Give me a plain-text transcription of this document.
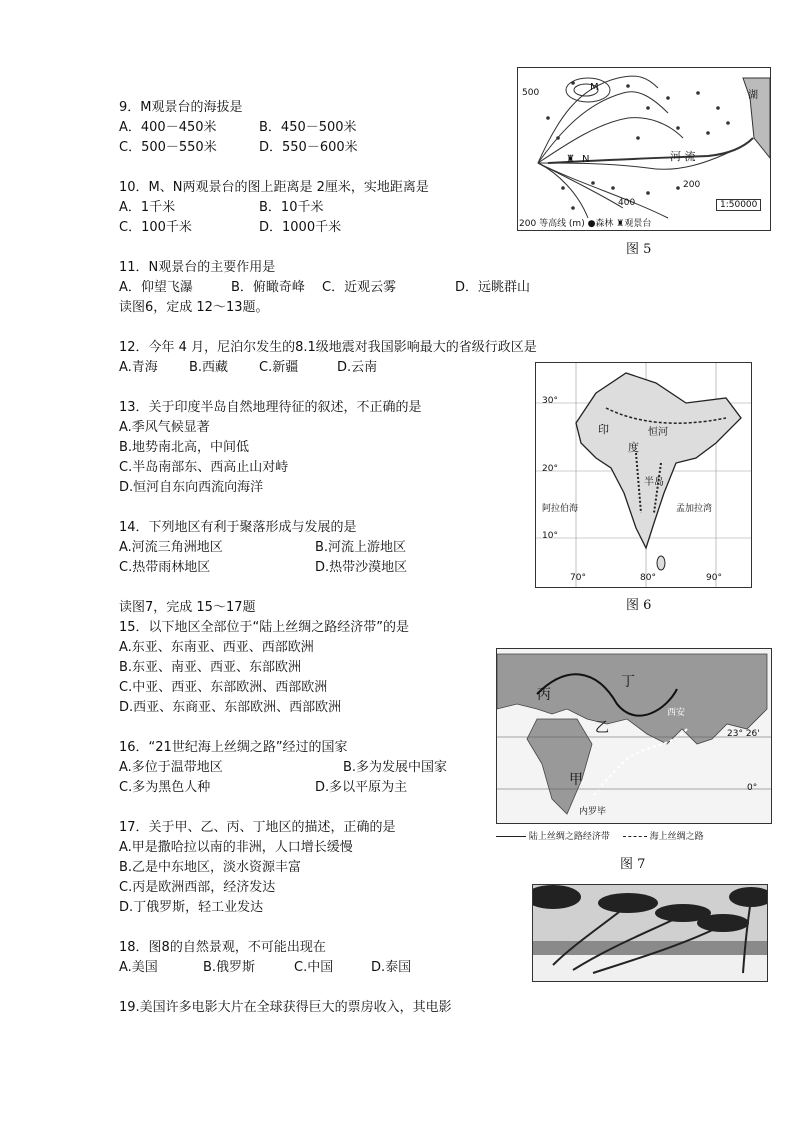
9．M观景台的海拔是
A．400－450米	B．450－500米
C．500－550米	D．550－600米
10．M、N两观景台的图上距离是 2厘米，实地距离是
A．1千米	B．10千米
C．100千米	D．1000千米
11．N观景台的主要作用是
A．仰望飞瀑	B．俯瞰奇峰 C．近观云雾	D．远眺群山
读图6，定成 12～13题。
12．今年 4 月，尼泊尔发生的8.1级地震对我国影响最大的省级行政区是
A.青海 B.西藏 C.新疆	D.云南
13．关于印度半岛自然地理待征的叙述，不正确的是
A.季风气候显著
B.地势南北高，中间低
C.半岛南部东、西高止山对峙
D.恒河自东向西流向海洋
14．下列地区有利于聚落形成与发展的是
A.河流三角洲地区	B.河流上游地区
C.热带雨林地区	D.热带沙漠地区
读图7，完成 15～17题
15．以下地区全部位于“陆上丝绸之路经济带”的是
A.东亚、东南亚、西亚、西部欧洲
B.东亚、南亚、西亚、东部欧洲
C.中亚、西亚、东部欧洲、西部欧洲
D.西亚、东商亚、东部欧洲、西部欧洲
16．“21世纪海上丝绸之路”经过的国家
A.多位于温带地区	B.多为发展中国家
C.多为黑色人种	D.多以平原为主
17．关于甲、乙、丙、丁地区的描述，正确的是
A.甲是撒哈拉以南的非洲，人口增长缓慢
B.乙是中东地区，淡水资源丰富
C.丙是欧洲西部，经济发达
D.丁俄罗斯，轻工业发达
18．图8的自然景观，不可能出现在
A.美国	B.俄罗斯	C.中国	D.泰国
19.美国许多电影大片在全球获得巨大的票房收入，其电影
M
N
♜	河 流
湖
400
200
500
1:50000
200 等高线 (m) ●森林 ♜观景台
图 5
30°
20°
10°
印
度
恒河
半岛
阿拉伯海	孟加拉湾
70°	80°	90°
图 6
丙
丁
乙
甲
西安
23° 26'
0°
内罗毕
陆上丝绸之路经济带	海上丝绸之路
图 7
